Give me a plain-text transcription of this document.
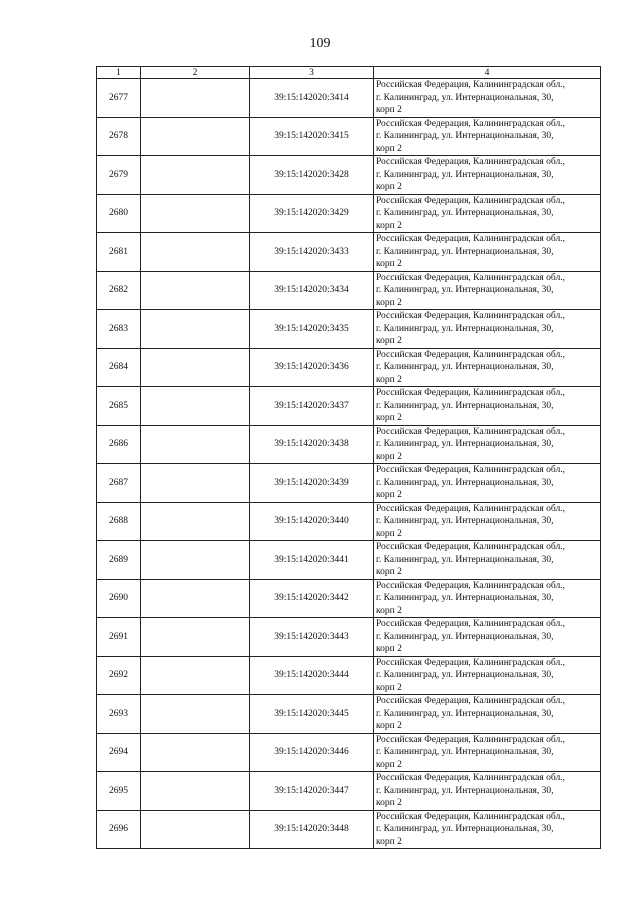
109
1	2	3	4
2677		39:15:142020:3414	Российская Федерация, Калининградская обл.,
г. Калининград, ул. Интернациональная, 30,
корп 2

2678		39:15:142020:3415	Российская Федерация, Калининградская обл.,
г. Калининград, ул. Интернациональная, 30,
корп 2

2679		39:15:142020:3428	Российская Федерация, Калининградская обл.,
г. Калининград, ул. Интернациональная, 30,
корп 2

2680		39:15:142020:3429	Российская Федерация, Калининградская обл.,
г. Калининград, ул. Интернациональная, 30,
корп 2

2681		39:15:142020:3433	Российская Федерация, Калининградская обл.,
г. Калининград, ул. Интернациональная, 30,
корп 2

2682		39:15:142020:3434	Российская Федерация, Калининградская обл.,
г. Калининград, ул. Интернациональная, 30,
корп 2

2683		39:15:142020:3435	Российская Федерация, Калининградская обл.,
г. Калининград, ул. Интернациональная, 30,
корп 2

2684		39:15:142020:3436	Российская Федерация, Калининградская обл.,
г. Калининград, ул. Интернациональная, 30,
корп 2

2685		39:15:142020:3437	Российская Федерация, Калининградская обл.,
г. Калининград, ул. Интернациональная, 30,
корп 2

2686		39:15:142020:3438	Российская Федерация, Калининградская обл.,
г. Калининград, ул. Интернациональная, 30,
корп 2

2687		39:15:142020:3439	Российская Федерация, Калининградская обл.,
г. Калининград, ул. Интернациональная, 30,
корп 2

2688		39:15:142020:3440	Российская Федерация, Калининградская обл.,
г. Калининград, ул. Интернациональная, 30,
корп 2

2689		39:15:142020:3441	Российская Федерация, Калининградская обл.,
г. Калининград, ул. Интернациональная, 30,
корп 2

2690		39:15:142020:3442	Российская Федерация, Калининградская обл.,
г. Калининград, ул. Интернациональная, 30,
корп 2

2691		39:15:142020:3443	Российская Федерация, Калининградская обл.,
г. Калининград, ул. Интернациональная, 30,
корп 2

2692		39:15:142020:3444	Российская Федерация, Калининградская обл.,
г. Калининград, ул. Интернациональная, 30,
корп 2

2693		39:15:142020:3445	Российская Федерация, Калининградская обл.,
г. Калининград, ул. Интернациональная, 30,
корп 2

2694		39:15:142020:3446	Российская Федерация, Калининградская обл.,
г. Калининград, ул. Интернациональная, 30,
корп 2

2695		39:15:142020:3447	Российская Федерация, Калининградская обл.,
г. Калининград, ул. Интернациональная, 30,
корп 2

2696		39:15:142020:3448	Российская Федерация, Калининградская обл.,
г. Калининград, ул. Интернациональная, 30,
корп 2
